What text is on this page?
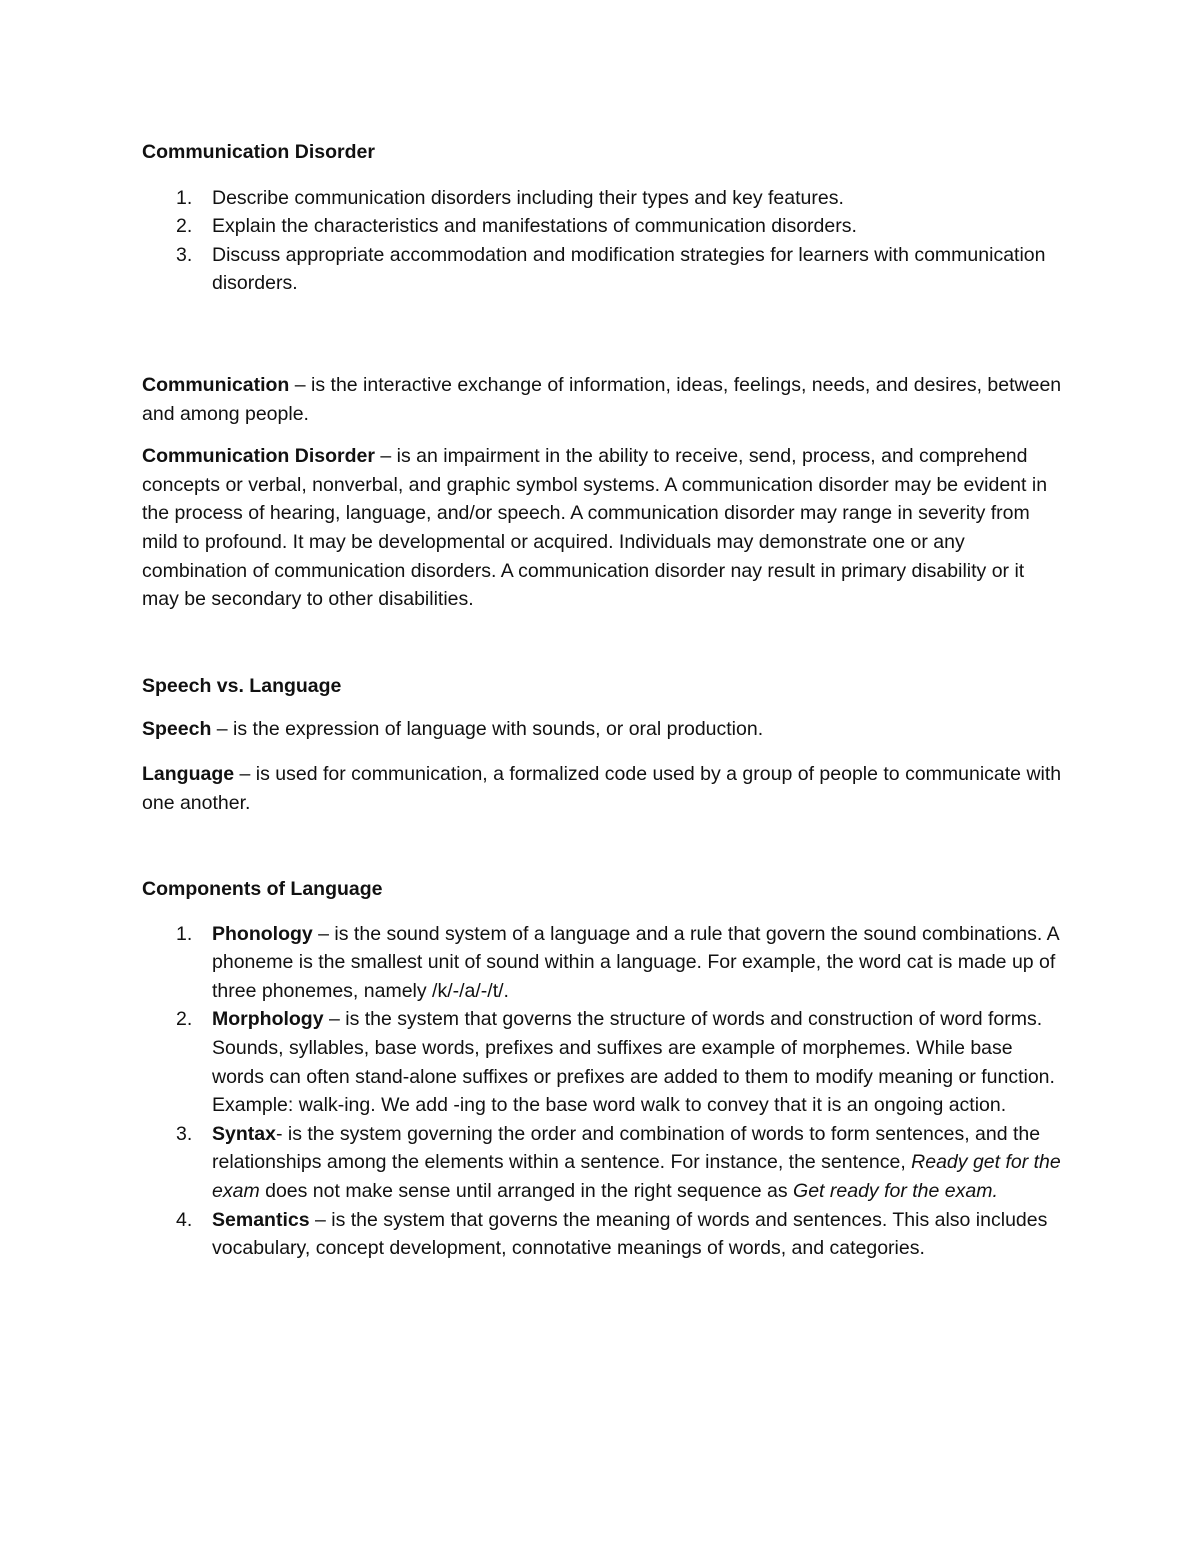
Communication Disorder

1. Describe communication disorders including their types and key features.
2. Explain the characteristics and manifestations of communication disorders.
3. Discuss appropriate accommodation and modification strategies for learners with communication disorders.

Communication – is the interactive exchange of information, ideas, feelings, needs, and desires, between and among people.

Communication Disorder – is an impairment in the ability to receive, send, process, and comprehend concepts or verbal, nonverbal, and graphic symbol systems. A communication disorder may be evident in the process of hearing, language, and/or speech. A communication disorder may range in severity from mild to profound. It may be developmental or acquired. Individuals may demonstrate one or any combination of communication disorders. A communication disorder nay result in primary disability or it may be secondary to other disabilities.

Speech vs. Language

Speech – is the expression of language with sounds, or oral production.

Language – is used for communication, a formalized code used by a group of people to communicate with one another.

Components of Language

1. Phonology – is the sound system of a language and a rule that govern the sound combinations. A phoneme is the smallest unit of sound within a language. For example, the word cat is made up of three phonemes, namely /k/-/a/-/t/.
2. Morphology – is the system that governs the structure of words and construction of word forms. Sounds, syllables, base words, prefixes and suffixes are example of morphemes. While base words can often stand-alone suffixes or prefixes are added to them to modify meaning or function.
Example: walk-ing. We add -ing to the base word walk to convey that it is an ongoing action.
3. Syntax- is the system governing the order and combination of words to form sentences, and the relationships among the elements within a sentence. For instance, the sentence, Ready get for the exam does not make sense until arranged in the right sequence as Get ready for the exam.
4. Semantics – is the system that governs the meaning of words and sentences. This also includes vocabulary, concept development, connotative meanings of words, and categories.
